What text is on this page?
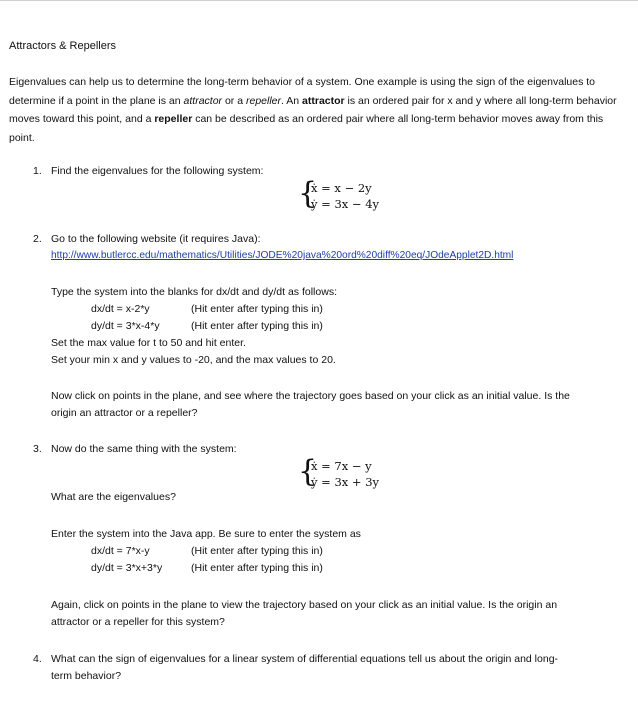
Attractors & Repellers
Eigenvalues can help us to determine the long-term behavior of a system. One example is using the sign of the eigenvalues to determine if a point in the plane is an attractor or a repeller. An attractor is an ordered pair for x and y where all long-term behavior moves toward this point, and a repeller can be described as an ordered pair where all long-term behavior moves away from this point.
1. Find the eigenvalues for the following system:
{
ẋ = x − 2y
ẏ = 3x − 4y
2. Go to the following website (it requires Java):
http://www.butlercc.edu/mathematics/Utilities/JODE%20java%20ord%20diff%20eq/JOdeApplet2D.html
Type the system into the blanks for dx/dt and dy/dt as follows:
dx/dt = x-2*y	(Hit enter after typing this in)
dy/dt = 3*x-4*y	(Hit enter after typing this in)
Set the max value for t to 50 and hit enter.
Set your min x and y values to -20, and the max values to 20.
Now click on points in the plane, and see where the trajectory goes based on your click as an initial value. Is the
origin an attractor or a repeller?
3. Now do the same thing with the system:
{
ẋ = 7x − y
ẏ = 3x + 3y
What are the eigenvalues?
Enter the system into the Java app. Be sure to enter the system as
dx/dt = 7*x-y	(Hit enter after typing this in)
dy/dt = 3*x+3*y	(Hit enter after typing this in)
Again, click on points in the plane to view the trajectory based on your click as an initial value. Is the origin an
attractor or a repeller for this system?
4. What can the sign of eigenvalues for a linear system of differential equations tell us about the origin and long-
term behavior?
